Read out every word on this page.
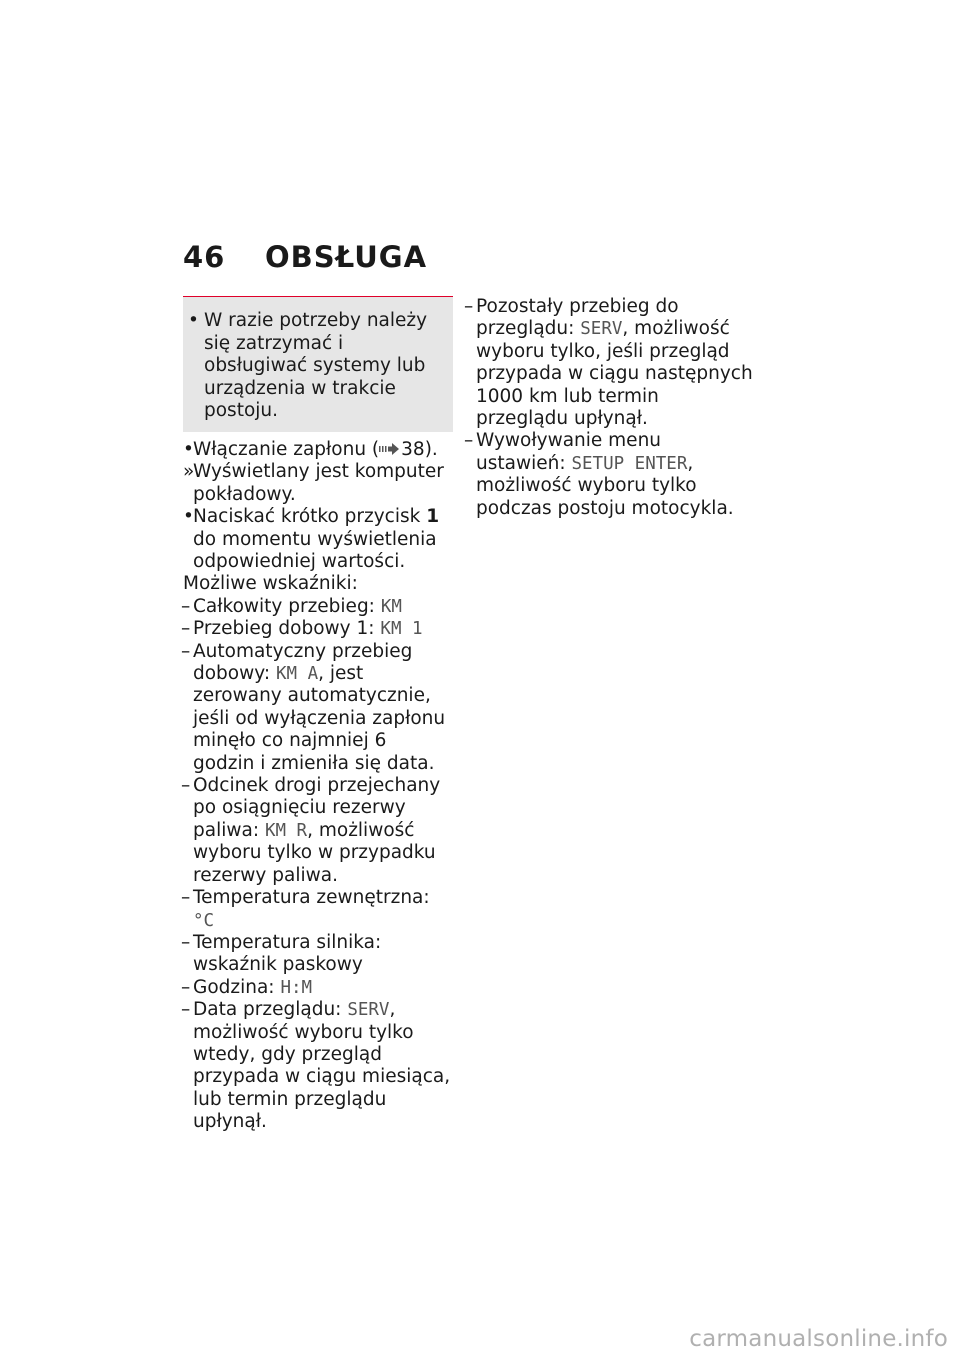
46	OBSŁUGA
• W razie potrzeby należy się zatrzymać i obsługiwać systemy lub urządzenia w trakcie postoju.
• Włączanie zapłonu ( 38).
»
Wyświetlany jest komputer pokładowy.
• Naciskać krótko przycisk 1 do momentu wyświetlenia odpowiedniej wartości.
Możliwe wskaźniki:
– Całkowity przebieg: KM
– Przebieg dobowy 1: KM 1
– Automatyczny przebieg dobowy: KM A, jest zerowany automatycznie, jeśli od wyłączenia zapłonu minęło co najmniej 6 godzin i zmieniła się data.
– Odcinek drogi przejechany po osiągnięciu rezerwy paliwa: KM R, możliwość wyboru tylko w przypadku rezerwy paliwa.
– Temperatura zewnętrzna: °C
– Temperatura silnika: wskaźnik paskowy
– Godzina: H:M
– Data przeglądu: SERV, możliwość wyboru tylko wtedy, gdy przegląd przypada w ciągu miesiąca, lub termin przeglądu upłynął.
carmanualsonline.info
– Pozostały przebieg do przeglądu: SERV, możliwość wyboru tylko, jeśli przegląd przypada w ciągu następnych 1000 km lub termin przeglądu upłynął.
– Wywoływanie menu ustawień: SETUP ENTER, możliwość wyboru tylko podczas postoju motocykla.
